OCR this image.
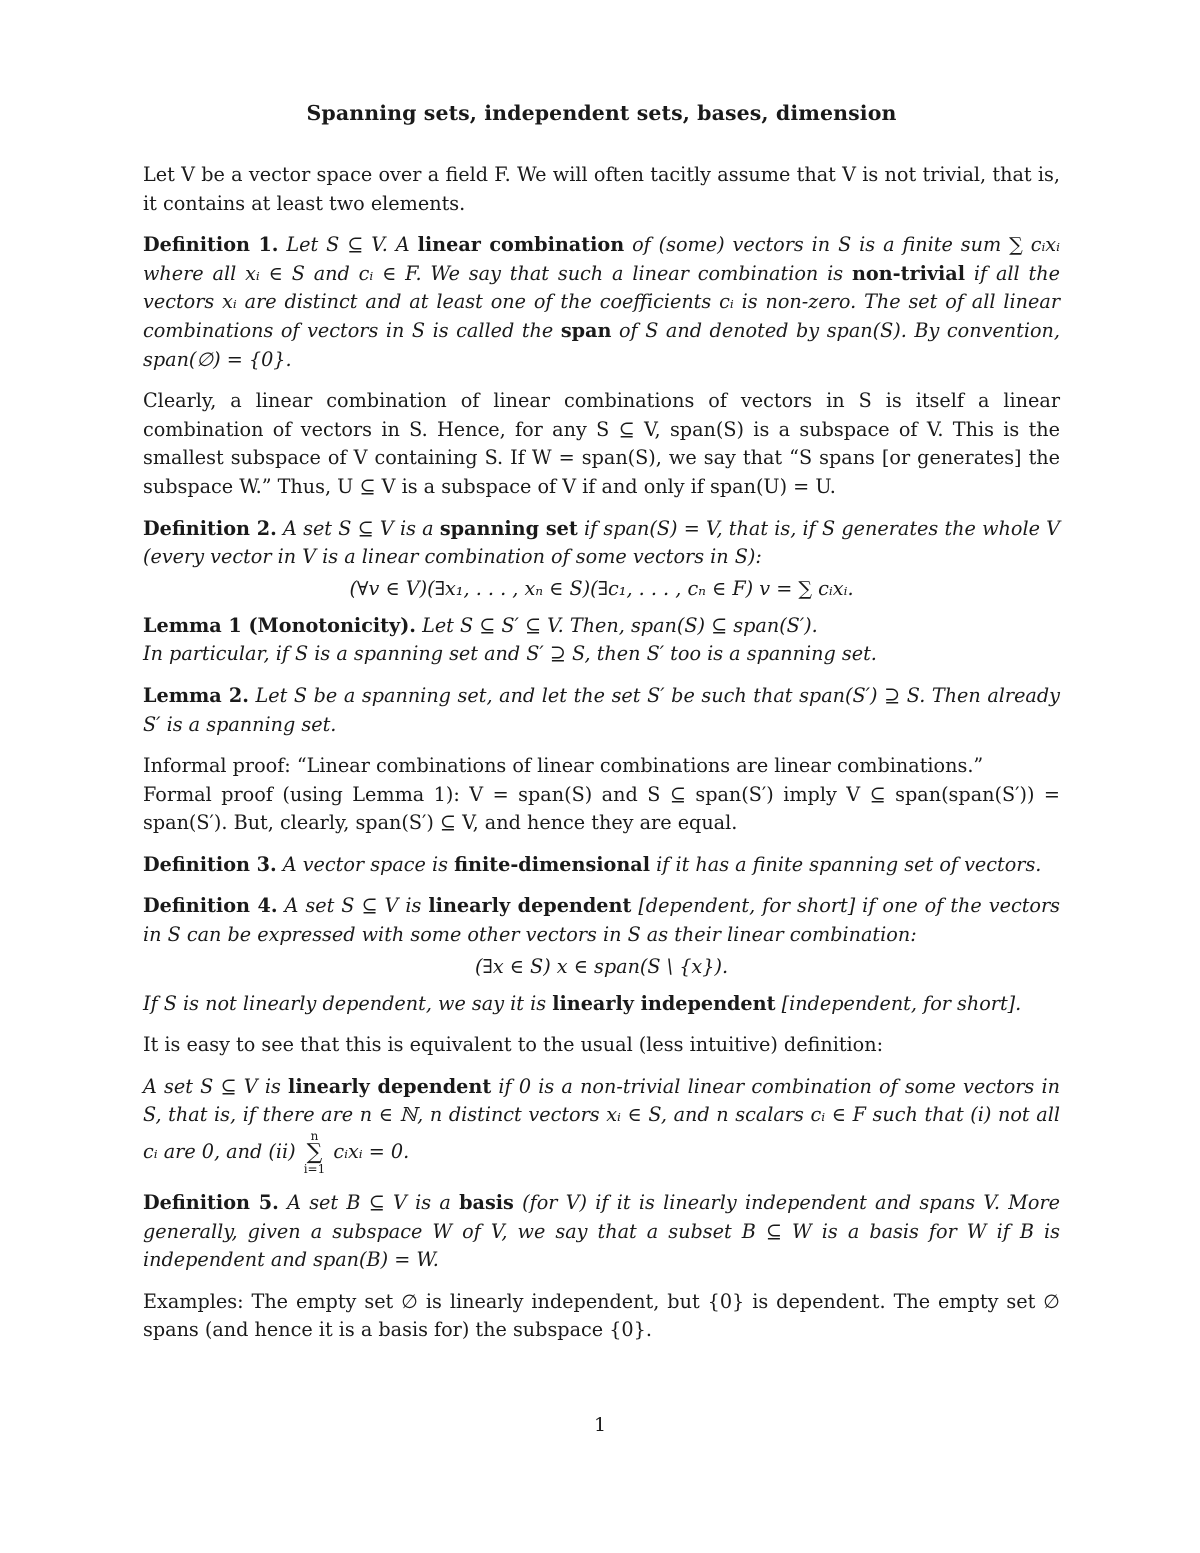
Spanning sets, independent sets, bases, dimension

Let V be a vector space over a field F. We will often tacitly assume that V is not trivial, that is, it contains at least two elements.

Definition 1. Let S ⊆ V. A linear combination of (some) vectors in S is a finite sum ∑ cᵢxᵢ where all xᵢ ∈ S and cᵢ ∈ F. We say that such a linear combination is non-trivial if all the vectors xᵢ are distinct and at least one of the coefficients cᵢ is non-zero. The set of all linear combinations of vectors in S is called the span of S and denoted by span(S). By convention, span(∅) = {0}.

Clearly, a linear combination of linear combinations of vectors in S is itself a linear combination of vectors in S. Hence, for any S ⊆ V, span(S) is a subspace of V. This is the smallest subspace of V containing S. If W = span(S), we say that “S spans [or generates] the subspace W.” Thus, U ⊆ V is a subspace of V if and only if span(U) = U.

Definition 2. A set S ⊆ V is a spanning set if span(S) = V, that is, if S generates the whole V (every vector in V is a linear combination of some vectors in S):

(∀v ∈ V)(∃x₁, . . . , xₙ ∈ S)(∃c₁, . . . , cₙ ∈ F) v = ∑ cᵢxᵢ.

Lemma 1 (Monotonicity). Let S ⊆ S′ ⊆ V. Then, span(S) ⊆ span(S′).
In particular, if S is a spanning set and S′ ⊇ S, then S′ too is a spanning set.

Lemma 2. Let S be a spanning set, and let the set S′ be such that span(S′) ⊇ S. Then already S′ is a spanning set.

Informal proof: “Linear combinations of linear combinations are linear combinations.”
Formal proof (using Lemma 1): V = span(S) and S ⊆ span(S′) imply V ⊆ span(span(S′)) = span(S′). But, clearly, span(S′) ⊆ V, and hence they are equal.

Definition 3. A vector space is finite-dimensional if it has a finite spanning set of vectors.

Definition 4. A set S ⊆ V is linearly dependent [dependent, for short] if one of the vectors in S can be expressed with some other vectors in S as their linear combination:

(∃x ∈ S) x ∈ span(S \ {x}).

If S is not linearly dependent, we say it is linearly independent [independent, for short].

It is easy to see that this is equivalent to the usual (less intuitive) definition:

A set S ⊆ V is linearly dependent if 0 is a non-trivial linear combination of some vectors in S, that is, if there are n ∈ ℕ, n distinct vectors xᵢ ∈ S, and n scalars cᵢ ∈ F such that (i) not all cᵢ are 0, and (ii)
n
∑
i=1
cᵢxᵢ = 0.

Definition 5. A set B ⊆ V is a basis (for V) if it is linearly independent and spans V. More generally, given a subspace W of V, we say that a subset B ⊆ W is a basis for W if B is independent and span(B) = W.

Examples: The empty set ∅ is linearly independent, but {0} is dependent. The empty set ∅ spans (and hence it is a basis for) the subspace {0}.

1
